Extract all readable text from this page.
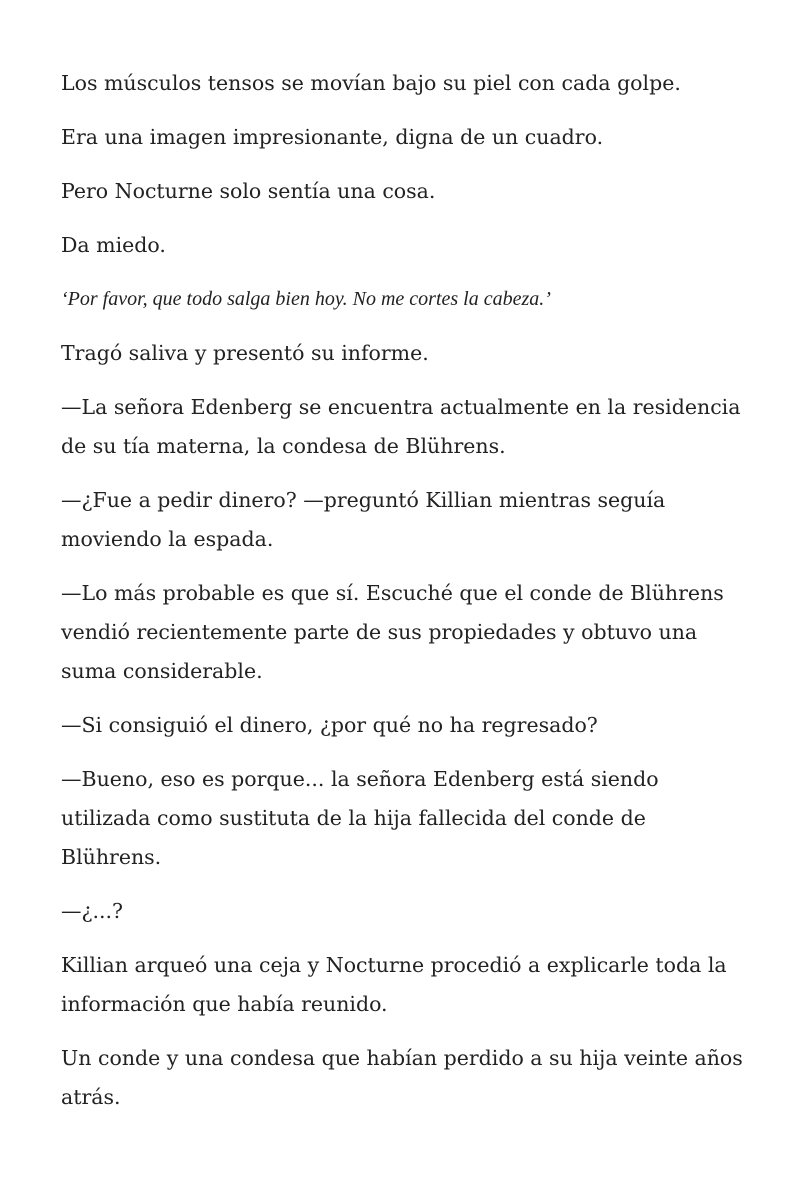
Los músculos tensos se movían bajo su piel con cada golpe.

Era una imagen impresionante, digna de un cuadro.

Pero Nocturne solo sentía una cosa.

Da miedo.

‘Por favor, que todo salga bien hoy. No me cortes la cabeza.’

Tragó saliva y presentó su informe.

—La señora Edenberg se encuentra actualmente en la residencia de su tía materna, la condesa de Blührens.

—¿Fue a pedir dinero? —preguntó Killian mientras seguía moviendo la espada.

—Lo más probable es que sí. Escuché que el conde de Blührens vendió recientemente parte de sus propiedades y obtuvo una suma considerable.

—Si consiguió el dinero, ¿por qué no ha regresado?

—Bueno, eso es porque... la señora Edenberg está siendo utilizada como sustituta de la hija fallecida del conde de Blührens.

—¿...?

Killian arqueó una ceja y Nocturne procedió a explicarle toda la información que había reunido.

Un conde y una condesa que habían perdido a su hija veinte años atrás.
